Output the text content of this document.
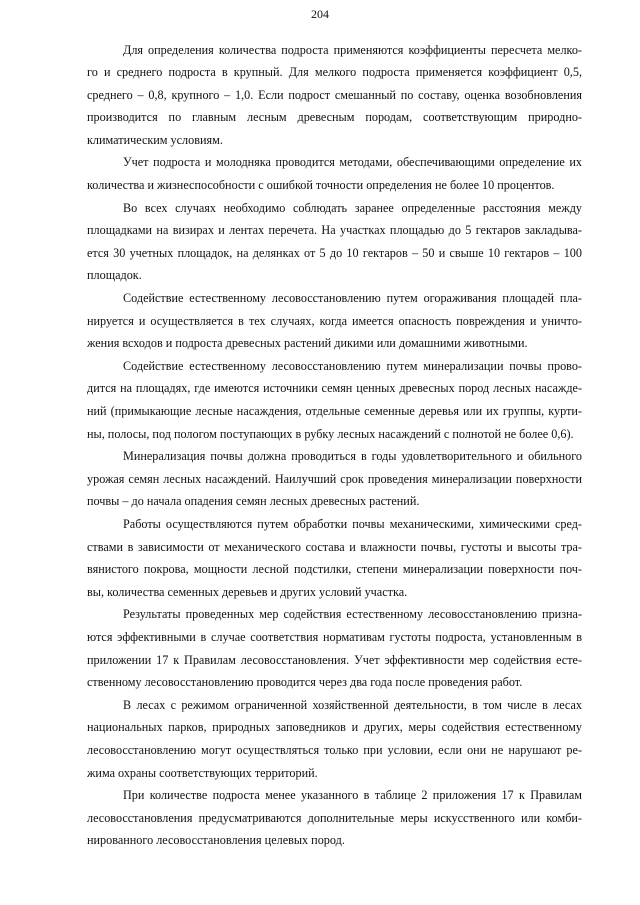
204

Для определения количества подроста применяются коэффициенты пересчета мелко-
го и среднего подроста в крупный. Для мелкого подроста применяется коэффициент 0,5,
среднего – 0,8, крупного – 1,0. Если подрост смешанный по составу, оценка возобновления
производится по главным лесным древесным породам, соответствующим природно-
климатическим условиям.

Учет подроста и молодняка проводится методами, обеспечивающими определение их
количества и жизнеспособности с ошибкой точности определения не более 10 процентов.

Во всех случаях необходимо соблюдать заранее определенные расстояния между
площадками на визирах и лентах перечета. На участках площадью до 5 гектаров закладыва-
ется 30 учетных площадок, на делянках от 5 до 10 гектаров – 50 и свыше 10 гектаров – 100
площадок.

Содействие естественному лесовосстановлению путем огораживания площадей пла-
нируется и осуществляется в тех случаях, когда имеется опасность повреждения и уничто-
жения всходов и подроста древесных растений дикими или домашними животными.

Содействие естественному лесовосстановлению путем минерализации почвы прово-
дится на площадях, где имеются источники семян ценных древесных пород лесных насажде-
ний (примыкающие лесные насаждения, отдельные семенные деревья или их группы, курти-
ны, полосы, под пологом поступающих в рубку лесных насаждений с полнотой не более 0,6).

Минерализация почвы должна проводиться в годы удовлетворительного и обильного
урожая семян лесных насаждений. Наилучший срок проведения минерализации поверхности
почвы – до начала опадения семян лесных древесных растений.

Работы осуществляются путем обработки почвы механическими, химическими сред-
ствами в зависимости от механического состава и влажности почвы, густоты и высоты тра-
вянистого покрова, мощности лесной подстилки, степени минерализации поверхности поч-
вы, количества семенных деревьев и других условий участка.

Результаты проведенных мер содействия естественному лесовосстановлению призна-
ются эффективными в случае соответствия нормативам густоты подроста, установленным в
приложении 17 к Правилам лесовосстановления. Учет эффективности мер содействия есте-
ственному лесовосстановлению проводится через два года после проведения работ.

В лесах с режимом ограниченной хозяйственной деятельности, в том числе в лесах
национальных парков, природных заповедников и других, меры содействия естественному
лесовосстановлению могут осуществляться только при условии, если они не нарушают ре-
жима охраны соответствующих территорий.

При количестве подроста менее указанного в таблице 2 приложения 17 к Правилам
лесовосстановления предусматриваются дополнительные меры искусственного или комби-
нированного лесовосстановления целевых пород.
